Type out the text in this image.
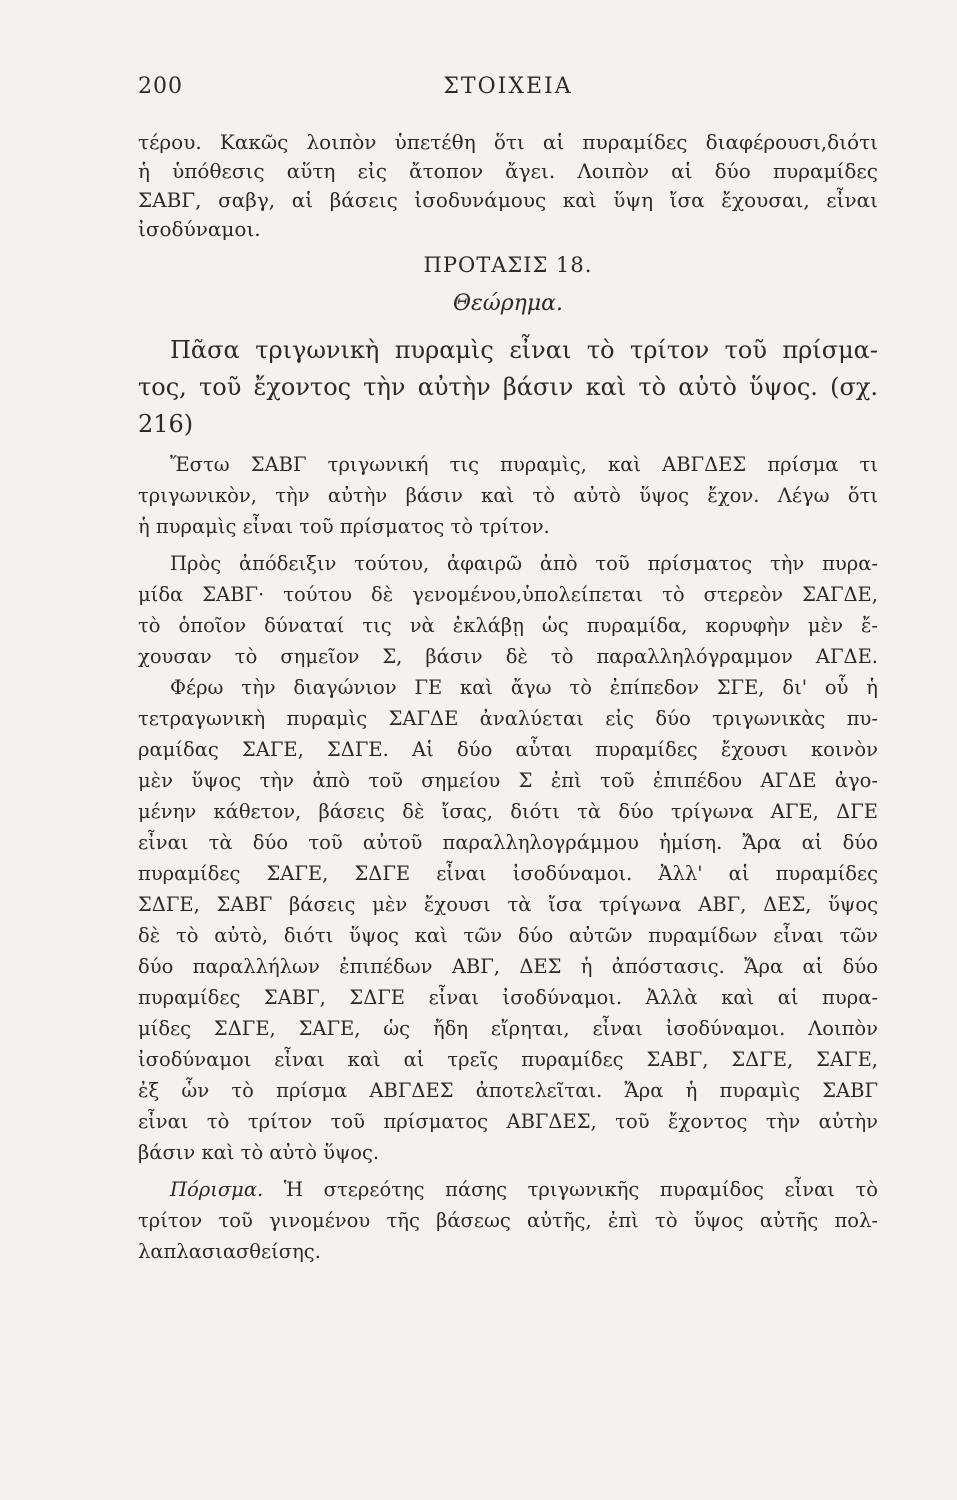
200	ΣΤΟΙΧΕΙΑ
τέρου. Κακῶς λοιπὸν ὑπετέθη ὅτι αἱ πυραμίδες διαφέρουσι,διότι
ἡ ὑπόθεσις αὕτη εἰς ἄτοπον ἄγει. Λοιπὸν αἱ δύο πυραμίδες
ΣΑΒΓ, σαβγ, αἱ βάσεις ἰσοδυνάμους καὶ ὕψη ἴσα ἔχουσαι, εἶναι
ἰσοδύναμοι.
ΠΡΟΤΑΣΙΣ 18.
Θεώρημα.
Πᾶσα τριγωνικὴ πυραμὶς εἶναι τὸ τρίτον τοῦ πρίσμα-
τος, τοῦ ἔχοντος τὴν αὐτὴν βάσιν καὶ τὸ αὐτὸ ὕψος. (σχ.
216)
Ἔστω ΣΑΒΓ τριγωνική τις πυραμὶς, καὶ ΑΒΓΔΕΣ πρίσμα τι
τριγωνικὸν, τὴν αὐτὴν βάσιν καὶ τὸ αὐτὸ ὕψος ἔχον. Λέγω ὅτι
ἡ πυραμὶς εἶναι τοῦ πρίσματος τὸ τρίτον.
Πρὸς ἀπόδειξιν τούτου, ἀφαιρῶ ἀπὸ τοῦ πρίσματος τὴν πυρα-
μίδα ΣΑΒΓ· τούτου δὲ γενομένου,ὑπολείπεται τὸ στερεὸν ΣΑΓΔΕ,
τὸ ὁποῖον δύναταί τις νὰ ἐκλάβῃ ὡς πυραμίδα, κορυφὴν μὲν ἔ-
χουσαν τὸ σημεῖον Σ, βάσιν δὲ τὸ παραλληλόγραμμον ΑΓΔΕ.
Φέρω τὴν διαγώνιον ΓΕ καὶ ἄγω τὸ ἐπίπεδον ΣΓΕ, δι' οὗ ἡ
τετραγωνικὴ πυραμὶς ΣΑΓΔΕ ἀναλύεται εἰς δύο τριγωνικὰς πυ-
ραμίδας ΣΑΓΕ, ΣΔΓΕ. Αἱ δύο αὗται πυραμίδες ἔχουσι κοινὸν
μὲν ὕψος τὴν ἀπὸ τοῦ σημείου Σ ἐπὶ τοῦ ἐπιπέδου ΑΓΔΕ ἀγο-
μένην κάθετον, βάσεις δὲ ἴσας, διότι τὰ δύο τρίγωνα ΑΓΕ, ΔΓΕ
εἶναι τὰ δύο τοῦ αὐτοῦ παραλληλογράμμου ἡμίση. Ἄρα αἱ δύο
πυραμίδες ΣΑΓΕ, ΣΔΓΕ εἶναι ἰσοδύναμοι. Ἀλλ' αἱ πυραμίδες
ΣΔΓΕ, ΣΑΒΓ βάσεις μὲν ἔχουσι τὰ ἴσα τρίγωνα ΑΒΓ, ΔΕΣ, ὕψος
δὲ τὸ αὐτὸ, διότι ὕψος καὶ τῶν δύο αὐτῶν πυραμίδων εἶναι τῶν
δύο παραλλήλων ἐπιπέδων ΑΒΓ, ΔΕΣ ἡ ἀπόστασις. Ἄρα αἱ δύο
πυραμίδες ΣΑΒΓ, ΣΔΓΕ εἶναι ἰσοδύναμοι. Ἀλλὰ καὶ αἱ πυρα-
μίδες ΣΔΓΕ, ΣΑΓΕ, ὡς ἤδη εἴρηται, εἶναι ἰσοδύναμοι. Λοιπὸν
ἰσοδύναμοι εἶναι καὶ αἱ τρεῖς πυραμίδες ΣΑΒΓ, ΣΔΓΕ, ΣΑΓΕ,
ἐξ ὧν τὸ πρίσμα ΑΒΓΔΕΣ ἀποτελεῖται. Ἄρα ἡ πυραμὶς ΣΑΒΓ
εἶναι τὸ τρίτον τοῦ πρίσματος ΑΒΓΔΕΣ, τοῦ ἔχοντος τὴν αὐτὴν
βάσιν καὶ τὸ αὐτὸ ὕψος.
Πόρισμα. Ἡ στερεότης πάσης τριγωνικῆς πυραμίδος εἶναι τὸ
τρίτον τοῦ γινομένου τῆς βάσεως αὐτῆς, ἐπὶ τὸ ὕψος αὐτῆς πολ-
λαπλασιασθείσης.
